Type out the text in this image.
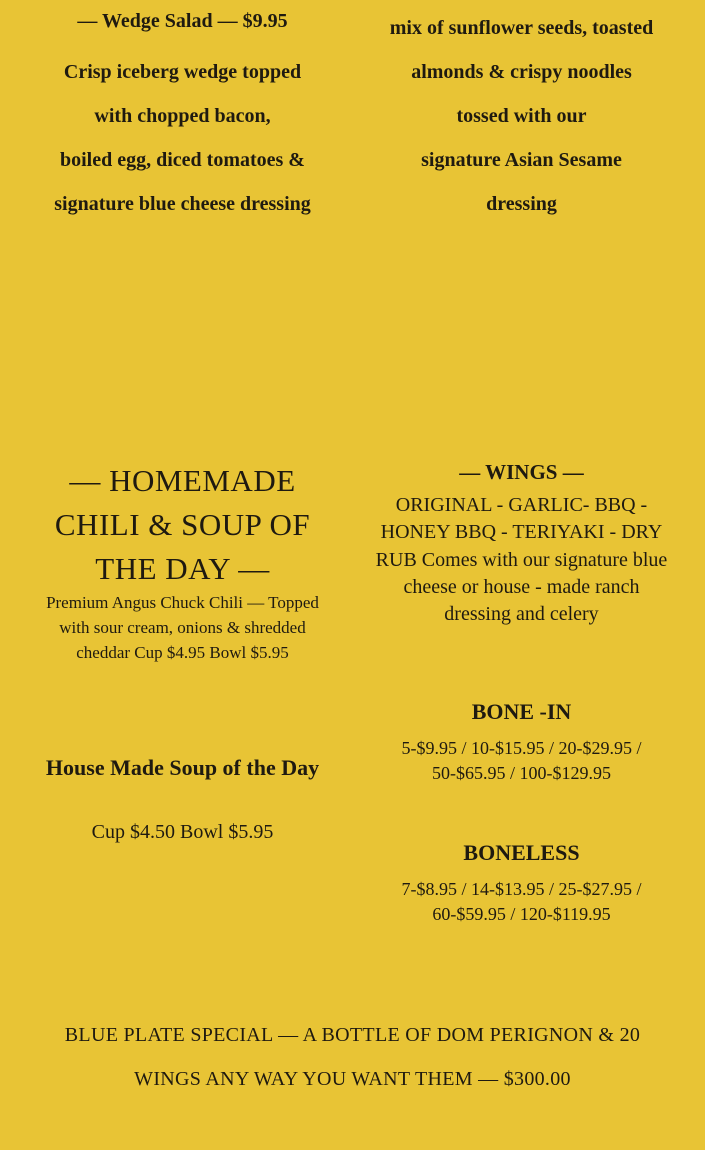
— Wedge Salad — $9.95
Crisp iceberg wedge topped
with chopped bacon,
boiled egg, diced tomatoes &
signature blue cheese dressing
mix of sunflower seeds, toasted
almonds & crispy noodles
tossed with our
signature Asian Sesame
dressing
— HOMEMADE
CHILI & SOUP OF
THE DAY —
Premium Angus Chuck Chili — Topped with sour cream, onions & shredded cheddar Cup $4.95 Bowl $5.95
House Made Soup of the Day
Cup $4.50 Bowl $5.95
— WINGS —
ORIGINAL - GARLIC- BBQ - HONEY BBQ - TERIYAKI - DRY RUB Comes with our signature blue cheese or house - made ranch dressing and celery
BONE -IN
5-$9.95 / 10-$15.95 / 20-$29.95 / 50-$65.95 / 100-$129.95
BONELESS
7-$8.95 / 14-$13.95 / 25-$27.95 / 60-$59.95 / 120-$119.95
BLUE PLATE SPECIAL — A BOTTLE OF DOM PERIGNON & 20
WINGS ANY WAY YOU WANT THEM — $300.00
